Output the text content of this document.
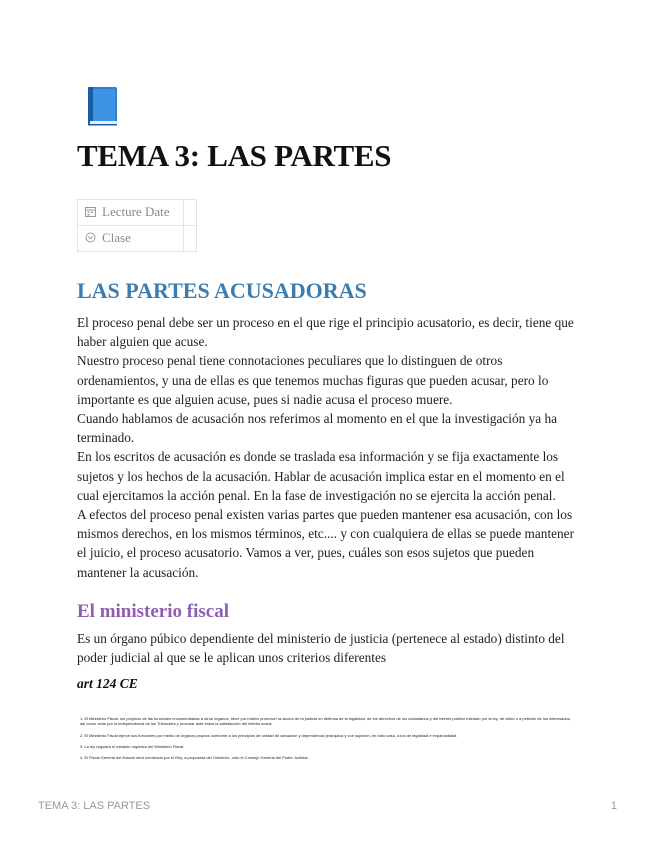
TEMA 3: LAS PARTES
Lecture Date	
Clase	
LAS PARTES ACUSADORAS
El proceso penal debe ser un proceso en el que rige el principio acusatorio, es decir, tiene que haber alguien que acuse.
Nuestro proceso penal tiene connotaciones peculiares que lo distinguen de otros ordenamientos, y una de ellas es que tenemos muchas figuras que pueden acusar, pero lo importante es que alguien acuse, pues si nadie acusa el proceso muere.
Cuando hablamos de acusación nos referimos al momento en el que la investigación ya ha terminado.
En los escritos de acusación es donde se traslada esa información y se fija exactamente los sujetos y los hechos de la acusación. Hablar de acusación implica estar en el momento en el cual ejercitamos la acción penal. En la fase de investigación no se ejercita la acción penal.
A efectos del proceso penal existen varias partes que pueden mantener esa acusación, con los mismos derechos, en los mismos términos, etc.... y con cualquiera de ellas se puede mantener el juicio, el proceso acusatorio. Vamos a ver, pues, cuáles son esos sujetos que pueden mantener la acusación.
El ministerio fiscal
Es un órgano púbico dependiente del ministerio de justicia (pertenece al estado) distinto del poder judicial al que se le aplican unos criterios diferentes
art 124 CE
1. El Ministerio Fiscal, sin perjuicio de las funciones encomendadas a otros órganos, tiene por misión promover la acción de la justicia en defensa de la legalidad, de los derechos de los ciudadanos y del interés público tutelado por la ley, de oficio o a petición de los interesados, así como velar por la independencia de los Tribunales y procurar ante éstos la satisfacción del interés social.
2. El Ministerio Fiscal ejerce sus funciones por medio de órganos propios conforme a los principios de unidad de actuación y dependencia jerárquica y con sujeción, en todo caso, a los de legalidad e imparcialidad.
3. La ley regulará el estatuto orgánico del Ministerio Fiscal.
4. El Fiscal General del Estado será nombrado por el Rey, a propuesta del Gobierno, oído el Consejo General del Poder Judicial.
TEMA 3: LAS PARTES	1
